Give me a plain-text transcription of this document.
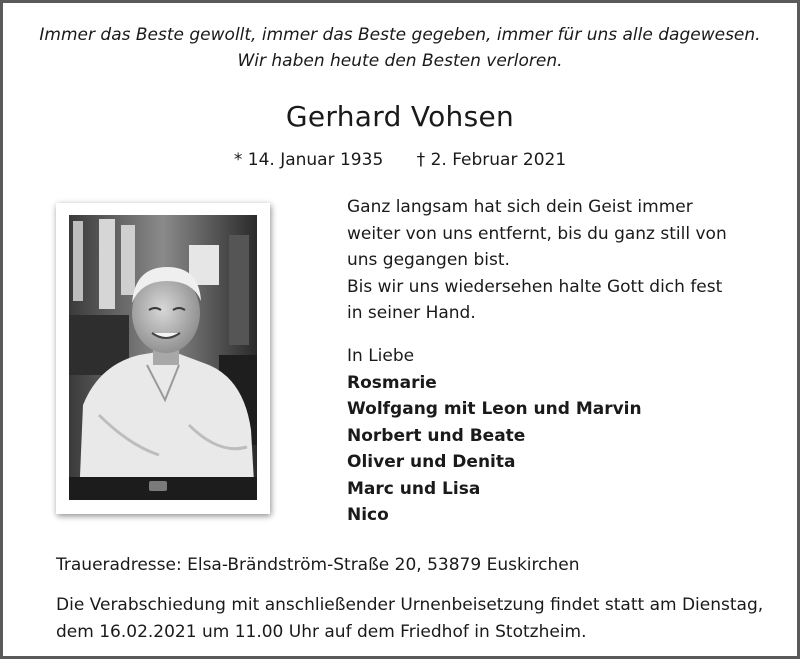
Immer das Beste gewollt, immer das Beste gegeben, immer für uns alle dagewesen.
Wir haben heute den Besten verloren.
Gerhard Vohsen
* 14. Januar 1935 † 2. Februar 2021
Ganz langsam hat sich dein Geist immer
weiter von uns entfernt, bis du ganz still von
uns gegangen bist.
Bis wir uns wiedersehen halte Gott dich fest
in seiner Hand.
In Liebe
Rosmarie
Wolfgang mit Leon und Marvin
Norbert und Beate
Oliver und Denita
Marc und Lisa
Nico
Traueradresse: Elsa-Brändström-Straße 20, 53879 Euskirchen
Die Verabschiedung mit anschließender Urnenbeisetzung findet statt am Dienstag,
dem 16.02.2021 um 11.00 Uhr auf dem Friedhof in Stotzheim.
